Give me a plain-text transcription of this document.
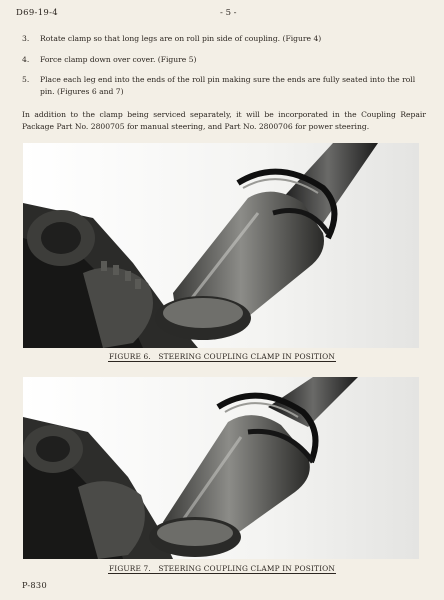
D69-19-4	- 5 -
3.	Rotate clamp so that long legs are on roll pin side of coupling. (Figure 4)
4.	Force clamp down over cover. (Figure 5)
5.	Place each leg end into the ends of the roll pin making sure the ends are fully seated into the roll pin. (Figures 6 and 7)

In addition to the clamp being serviced separately, it will be incorporated in the Coupling Repair Package Part No. 2800705 for manual steering, and Part No. 2800706 for power steering.

FIGURE 6. STEERING COUPLING CLAMP IN POSITION
FIGURE 7. STEERING COUPLING CLAMP IN POSITION
P-830
